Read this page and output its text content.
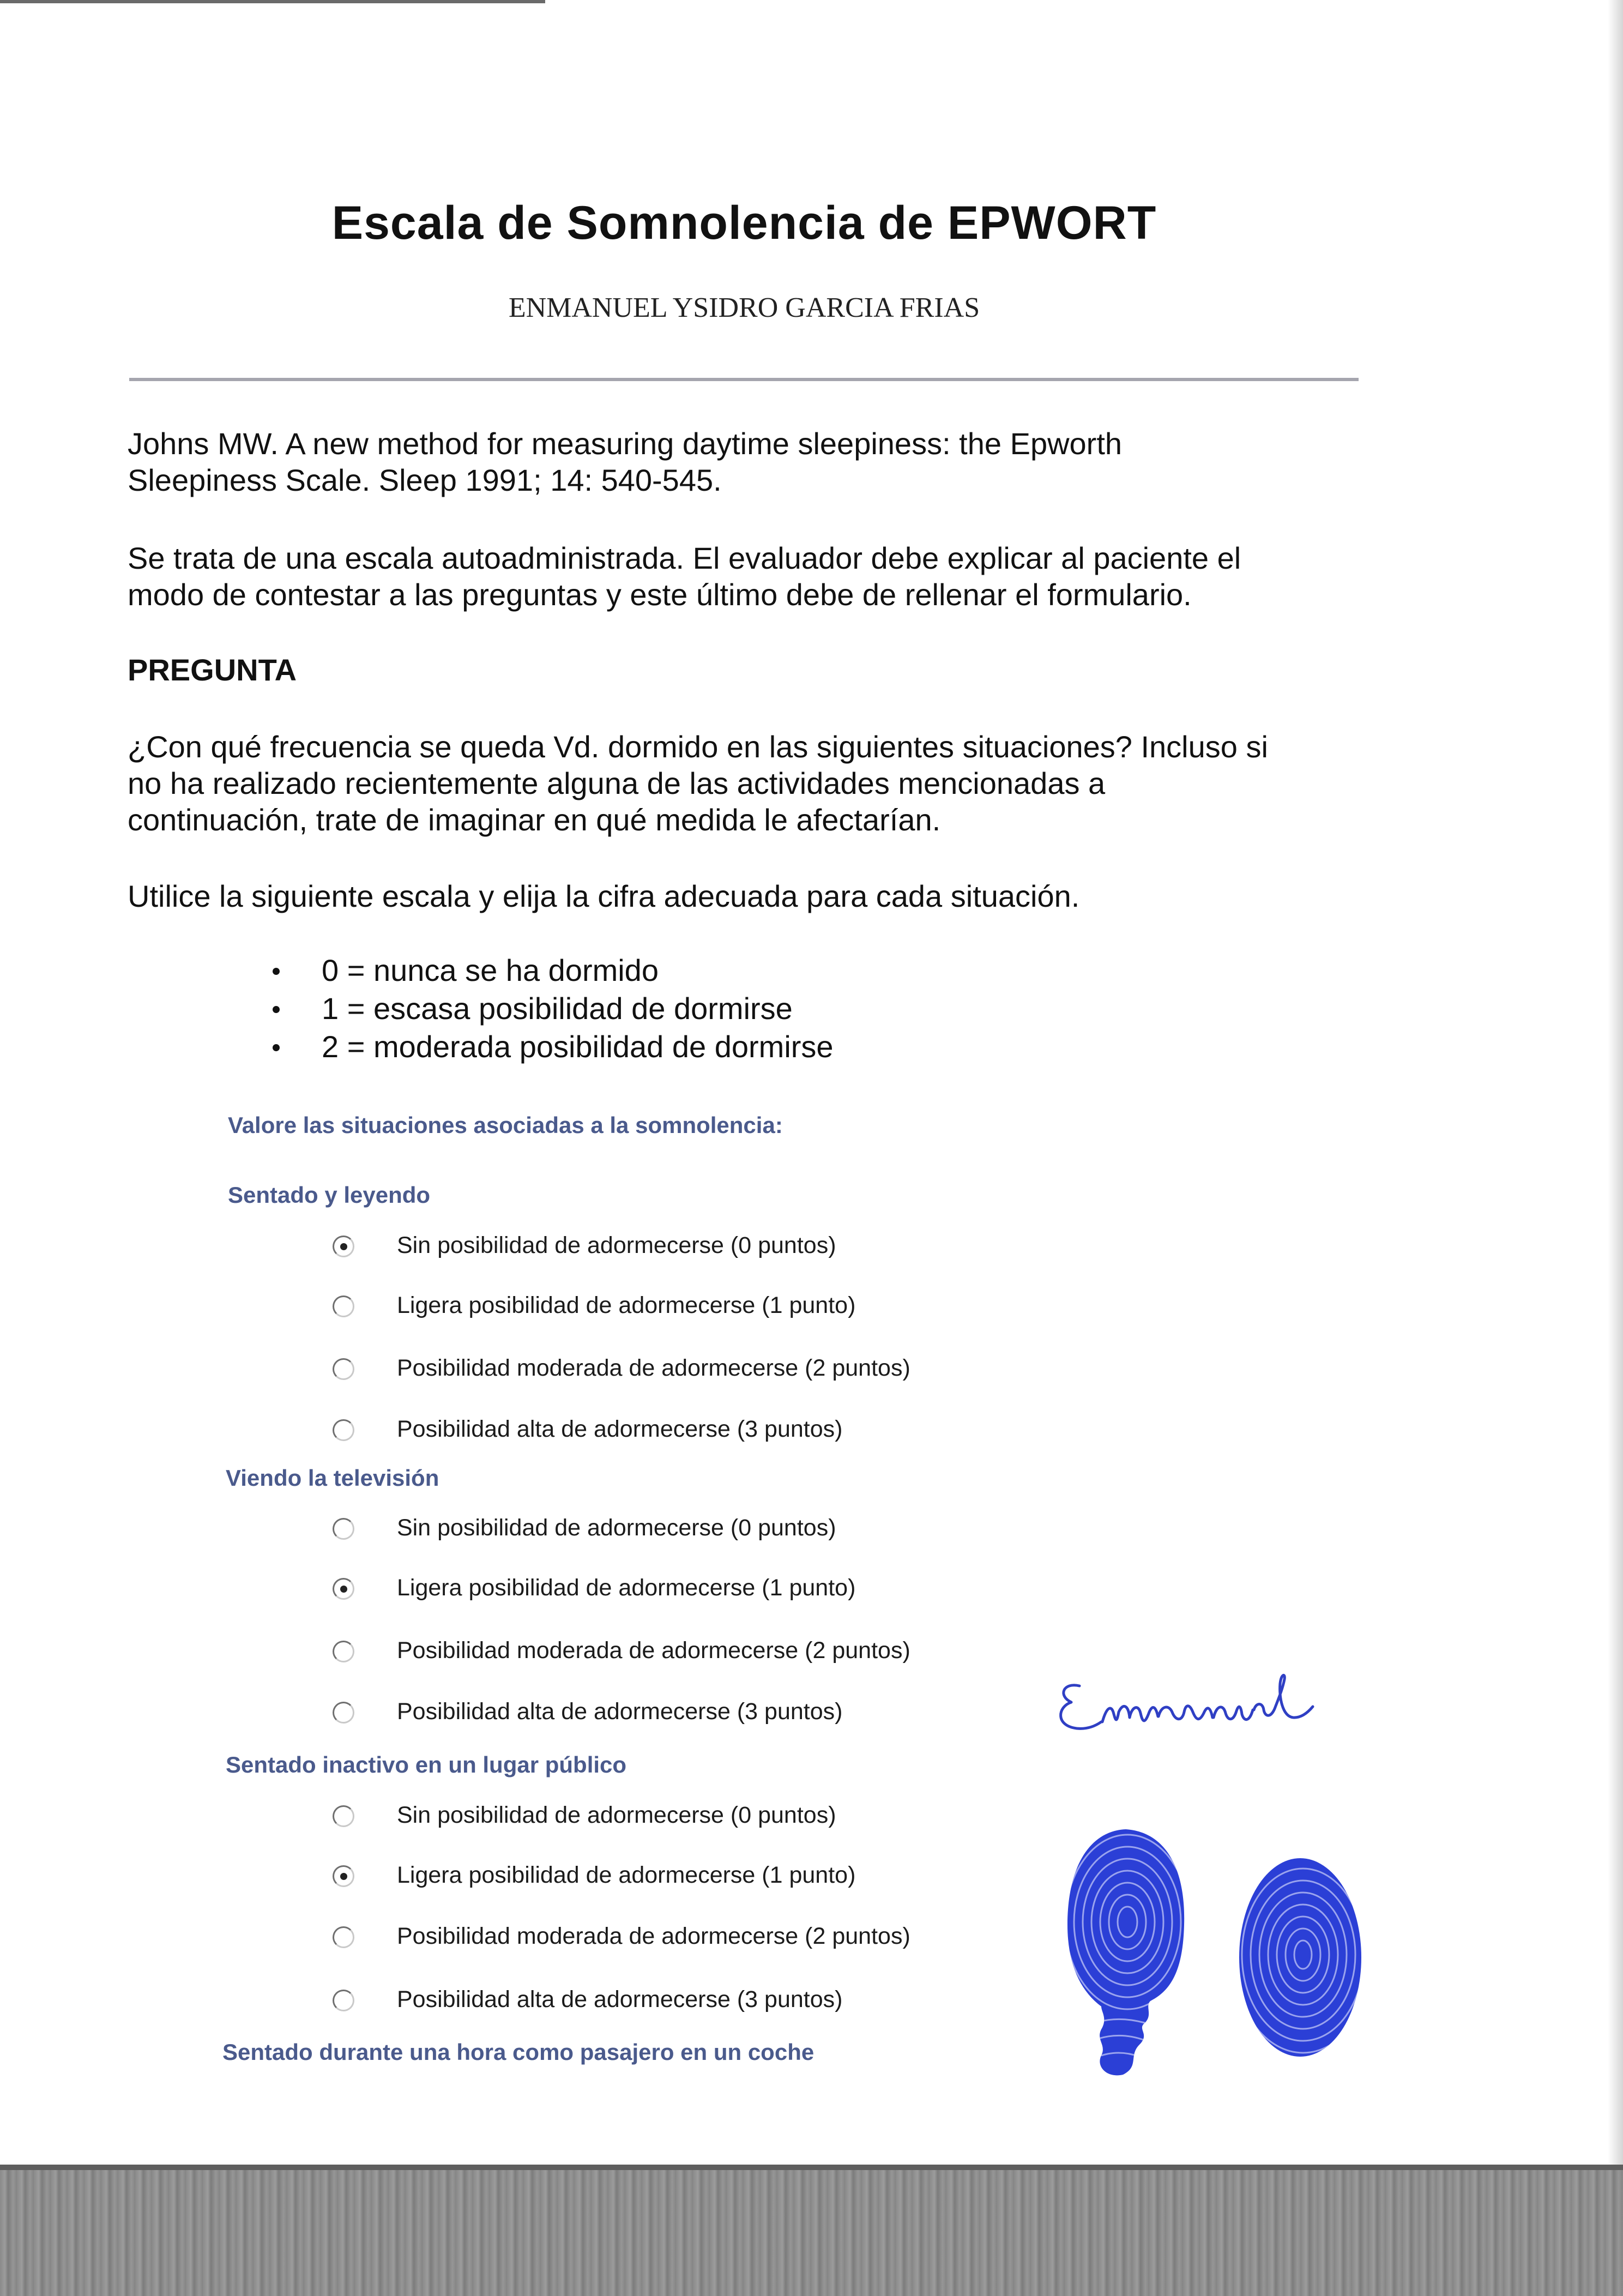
Escala de Somnolencia de EPWORT
ENMANUEL YSIDRO GARCIA FRIAS
Johns MW. A new method for measuring daytime sleepiness: the Epworth
Sleepiness Scale. Sleep 1991; 14: 540-545.
Se trata de una escala autoadministrada. El evaluador debe explicar al paciente el
modo de contestar a las preguntas y este último debe de rellenar el formulario.
PREGUNTA
¿Con qué frecuencia se queda Vd. dormido en las siguientes situaciones? Incluso si
no ha realizado recientemente alguna de las actividades mencionadas a
continuación, trate de imaginar en qué medida le afectarían.
Utilice la siguiente escala y elija la cifra adecuada para cada situación.
0 = nunca se ha dormido
1 = escasa posibilidad de dormirse
2 = moderada posibilidad de dormirse
Valore las situaciones asociadas a la somnolencia:
Sentado y leyendo
Sin posibilidad de adormecerse (0 puntos)
Ligera posibilidad de adormecerse (1 punto)
Posibilidad moderada de adormecerse (2 puntos)
Posibilidad alta de adormecerse (3 puntos)
Viendo la televisión
Sin posibilidad de adormecerse (0 puntos)
Ligera posibilidad de adormecerse (1 punto)
Posibilidad moderada de adormecerse (2 puntos)
Posibilidad alta de adormecerse (3 puntos)
Sentado inactivo en un lugar público
Sin posibilidad de adormecerse (0 puntos)
Ligera posibilidad de adormecerse (1 punto)
Posibilidad moderada de adormecerse (2 puntos)
Posibilidad alta de adormecerse (3 puntos)
Sentado durante una hora como pasajero en un coche
